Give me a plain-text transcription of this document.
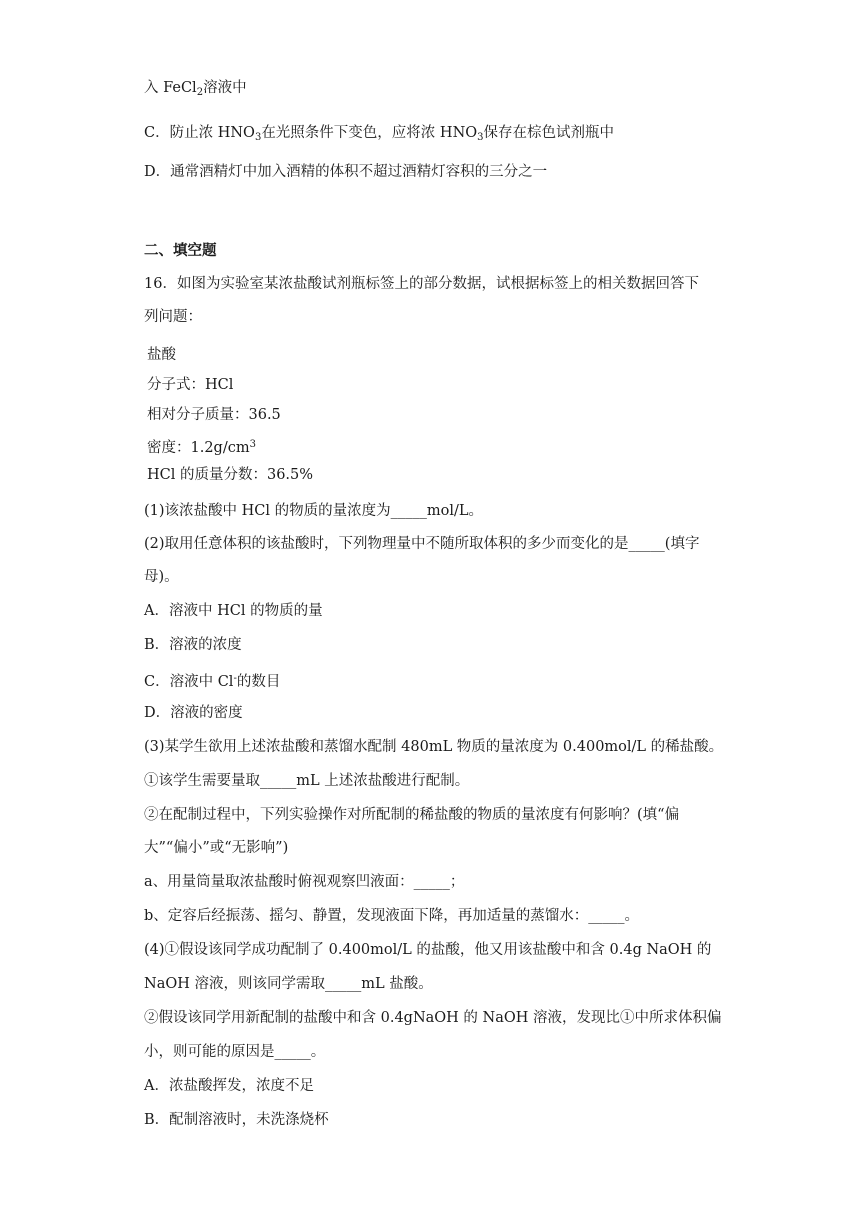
入 FeCl$_2$溶液中
C．防止浓 $HNO_3$在光照条件下变色，应将浓 $HNO_3$保存在棕色试剂瓶中
D．通常酒精灯中加入酒精的体积不超过酒精灯容积的三分之一
二、填空题
16．如图为实验室某浓盐酸试剂瓶标签上的部分数据，试根据标签上的相关数据回答下
列问题：
盐酸
分子式：HCl
相对分子质量：36.5
密度：$1.2g/cm^3$
HCl 的质量分数：36.5%
(1)该浓盐酸中 HCl 的物质的量浓度为_____mol/L。
(2)取用任意体积的该盐酸时，下列物理量中不随所取体积的多少而变化的是_____(填字
母)。
A．溶液中 HCl 的物质的量
B．溶液的浓度
C．溶液中 Cl-的数目
D．溶液的密度
(3)某学生欲用上述浓盐酸和蒸馏水配制 480mL 物质的量浓度为 0.400mol/L 的稀盐酸。
①该学生需要量取_____mL 上述浓盐酸进行配制。
②在配制过程中，下列实验操作对所配制的稀盐酸的物质的量浓度有何影响？(填“偏
大”“偏小”或“无影响”)
a、用量筒量取浓盐酸时俯视观察凹液面：_____；
b、定容后经振荡、摇匀、静置，发现液面下降，再加适量的蒸馏水：_____。
(4)①假设该同学成功配制了 0.400mol/L 的盐酸，他又用该盐酸中和含 0.4g NaOH 的
NaOH 溶液，则该同学需取_____mL 盐酸。
②假设该同学用新配制的盐酸中和含 0.4gNaOH 的 NaOH 溶液，发现比①中所求体积偏
小，则可能的原因是_____。
A．浓盐酸挥发，浓度不足
B．配制溶液时，未洗涤烧杯
